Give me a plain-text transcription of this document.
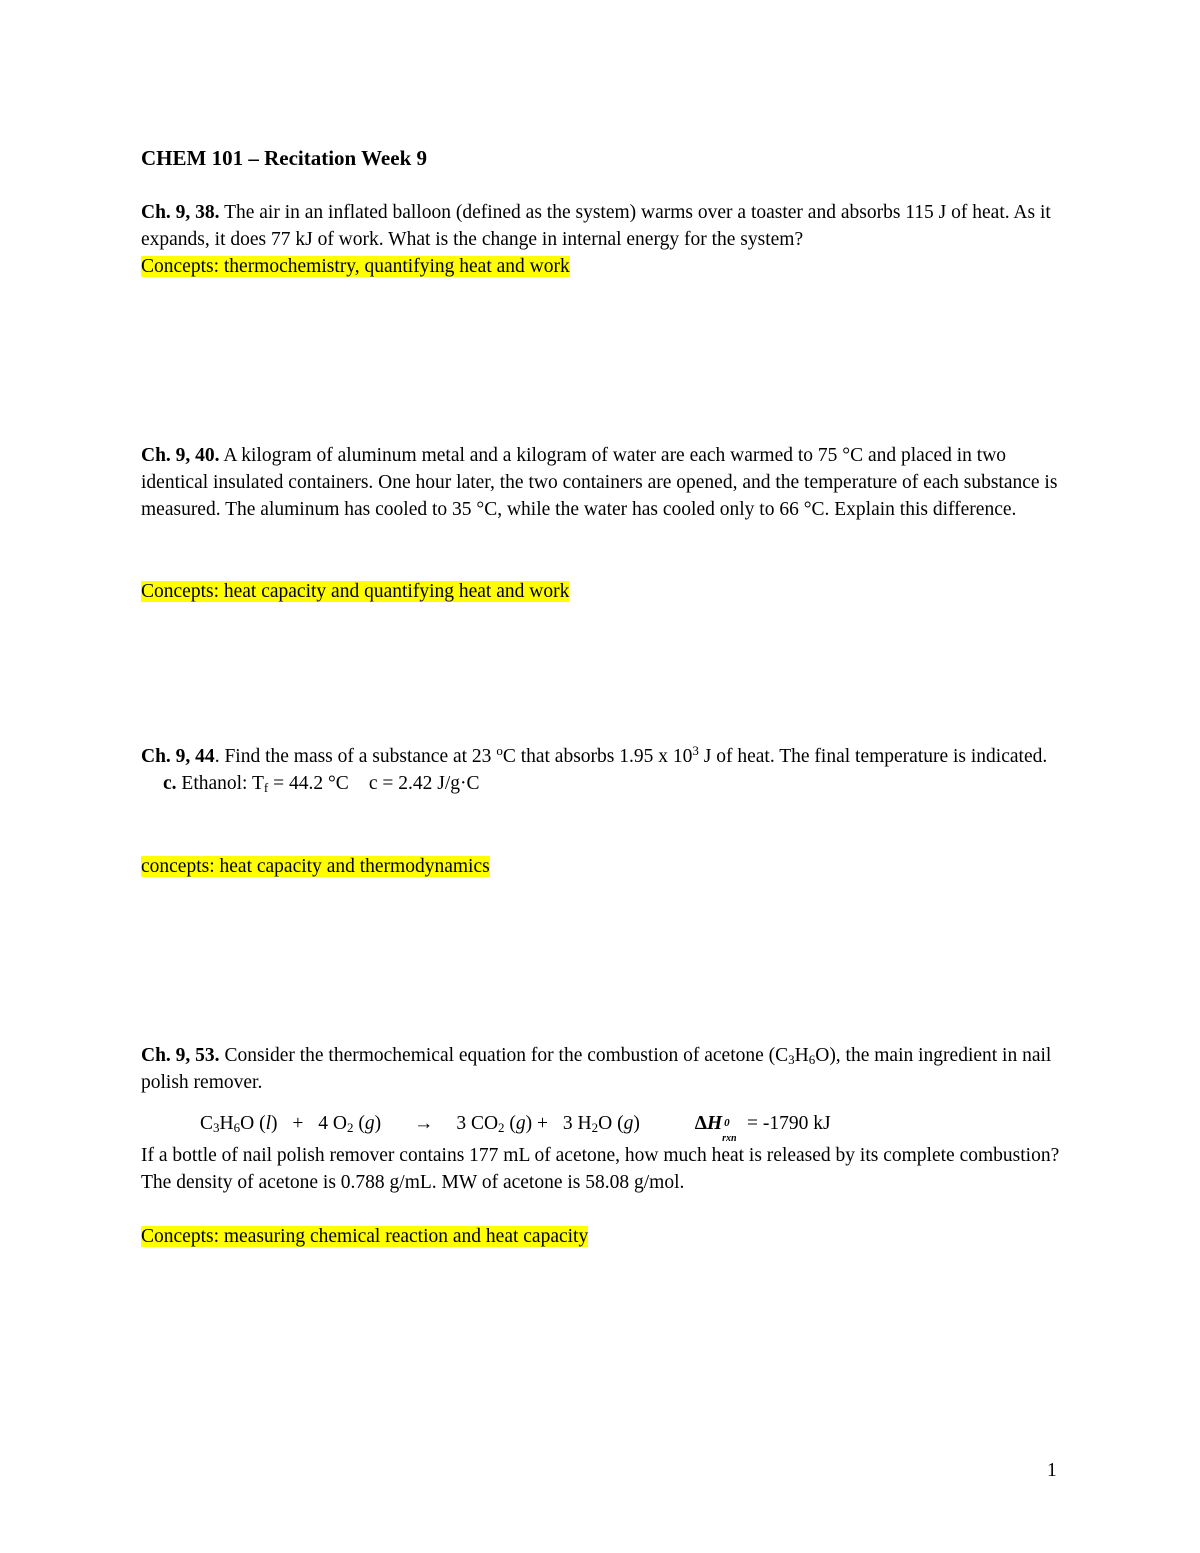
CHEM 101 – Recitation Week 9
Ch. 9, 38. The air in an inflated balloon (defined as the system) warms over a toaster and absorbs 115 J of heat. As it expands, it does 77 kJ of work. What is the change in internal energy for the system?
Concepts: thermochemistry, quantifying heat and work
Ch. 9, 40. A kilogram of aluminum metal and a kilogram of water are each warmed to 75 °C and placed in two identical insulated containers. One hour later, the two containers are opened, and the temperature of each substance is measured. The aluminum has cooled to 35 °C, while the water has cooled only to 66 °C. Explain this difference.
Concepts: heat capacity and quantifying heat and work
Ch. 9, 44. Find the mass of a substance at 23 $^o$C that absorbs 1.95 x $10^3$ J of heat. The final temperature is indicated.
c. Ethanol: $T_f = 44.2$ °C c = 2.42 J/g·C
concepts: heat capacity and thermodynamics
Ch. 9, 53. Consider the thermochemical equation for the combustion of acetone $(C_3H_6O)$, the main ingredient in nail polish remover.
$C_3H_6O$ (l) + 4 $O_2$ (g) → 3 $CO_2$ (g) + 3 $H_2O$ (g)	ΔH 0
rxn
= -1790 kJ
If a bottle of nail polish remover contains 177 mL of acetone, how much heat is released by its complete combustion? The density of acetone is 0.788 g/mL. MW of acetone is 58.08 g/mol.
Concepts: measuring chemical reaction and heat capacity
1
